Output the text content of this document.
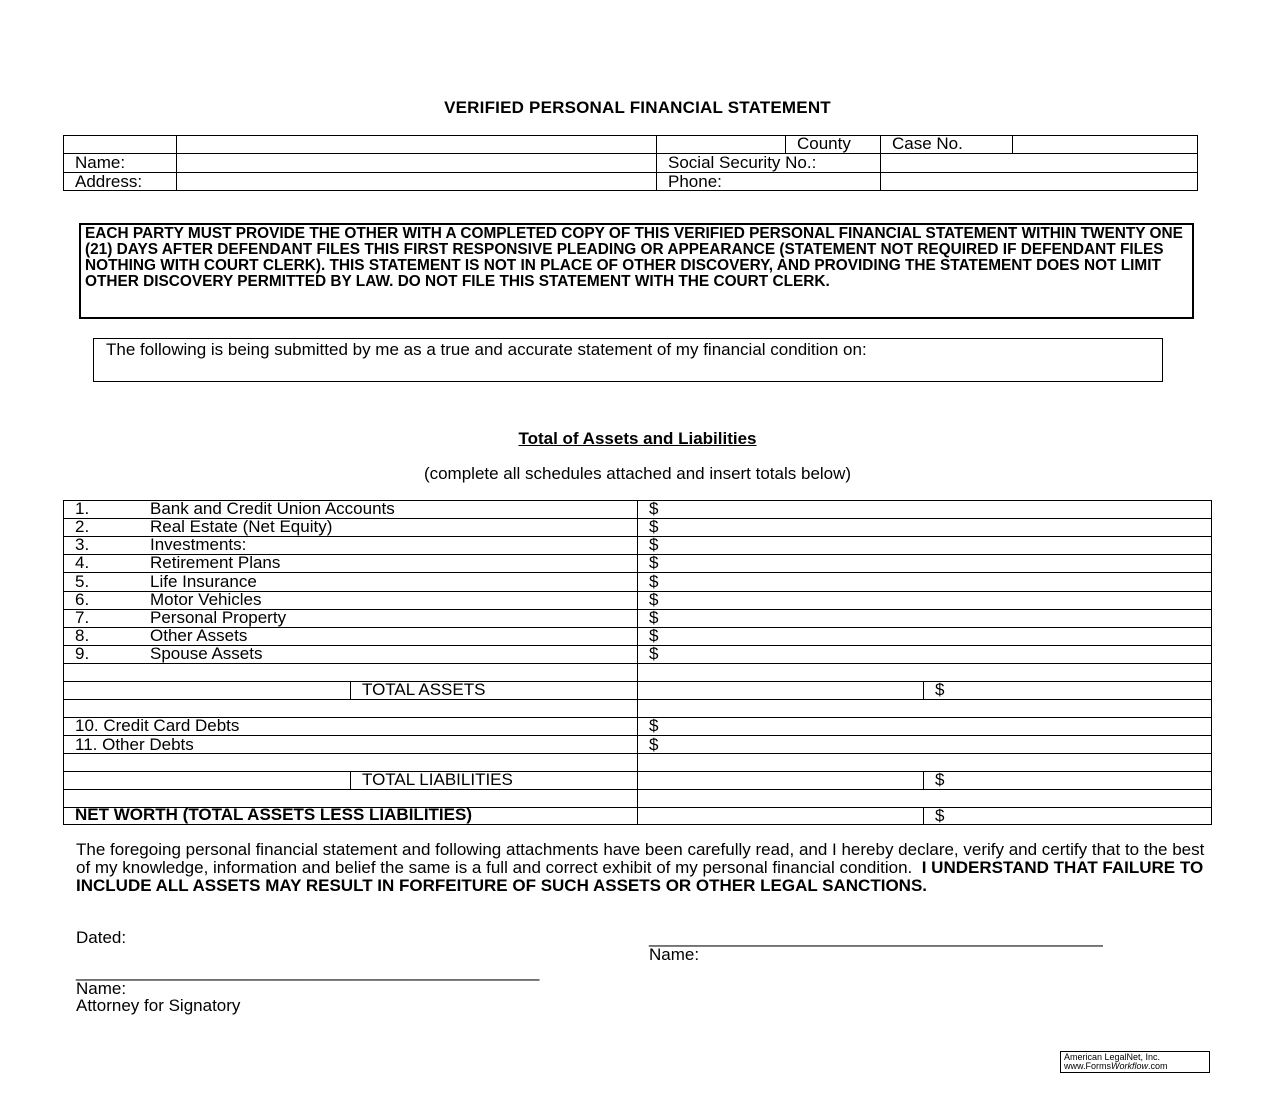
VERIFIED PERSONAL FINANCIAL STATEMENT
County Case No.
Name:	Social Security No.:
Address:	Phone:
EACH PARTY MUST PROVIDE THE OTHER WITH A COMPLETED COPY OF THIS VERIFIED PERSONAL FINANCIAL STATEMENT WITHIN TWENTY ONE (21) DAYS AFTER DEFENDANT FILES THIS FIRST RESPONSIVE PLEADING OR APPEARANCE (STATEMENT NOT REQUIRED IF DEFENDANT FILES NOTHING WITH COURT CLERK). THIS STATEMENT IS NOT IN PLACE OF OTHER DISCOVERY, AND PROVIDING THE STATEMENT DOES NOT LIMIT OTHER DISCOVERY PERMITTED BY LAW. DO NOT FILE THIS STATEMENT WITH THE COURT CLERK.
The following is being submitted by me as a true and accurate statement of my financial condition on:
Total of Assets and Liabilities
(complete all schedules attached and insert totals below)
1.	Bank and Credit Union Accounts	$
2.	Real Estate (Net Equity)	$
3.	Investments:	$
4.	Retirement Plans	$
5.	Life Insurance	$
6.	Motor Vehicles	$
7.	Personal Property	$
8.	Other Assets	$
9.	Spouse Assets	$
TOTAL ASSETS	$
10. Credit Card Debts	$
11. Other Debts	$
TOTAL LIABILITIES	$
NET WORTH (TOTAL ASSETS LESS LIABILITIES)	$
The foregoing personal financial statement and following attachments have been carefully read, and I hereby declare, verify and certify that to the best of my knowledge, information and belief the same is a full and correct exhibit of my personal financial condition. I UNDERSTAND THAT FAILURE TO INCLUDE ALL ASSETS MAY RESULT IN FORFEITURE OF SUCH ASSETS OR OTHER LEGAL SANCTIONS.
Dated:	________________________________________________
Name:
_________________________________________________
Name:
Attorney for Signatory
American LegalNet, Inc.
www.FormsWorkflow.com
